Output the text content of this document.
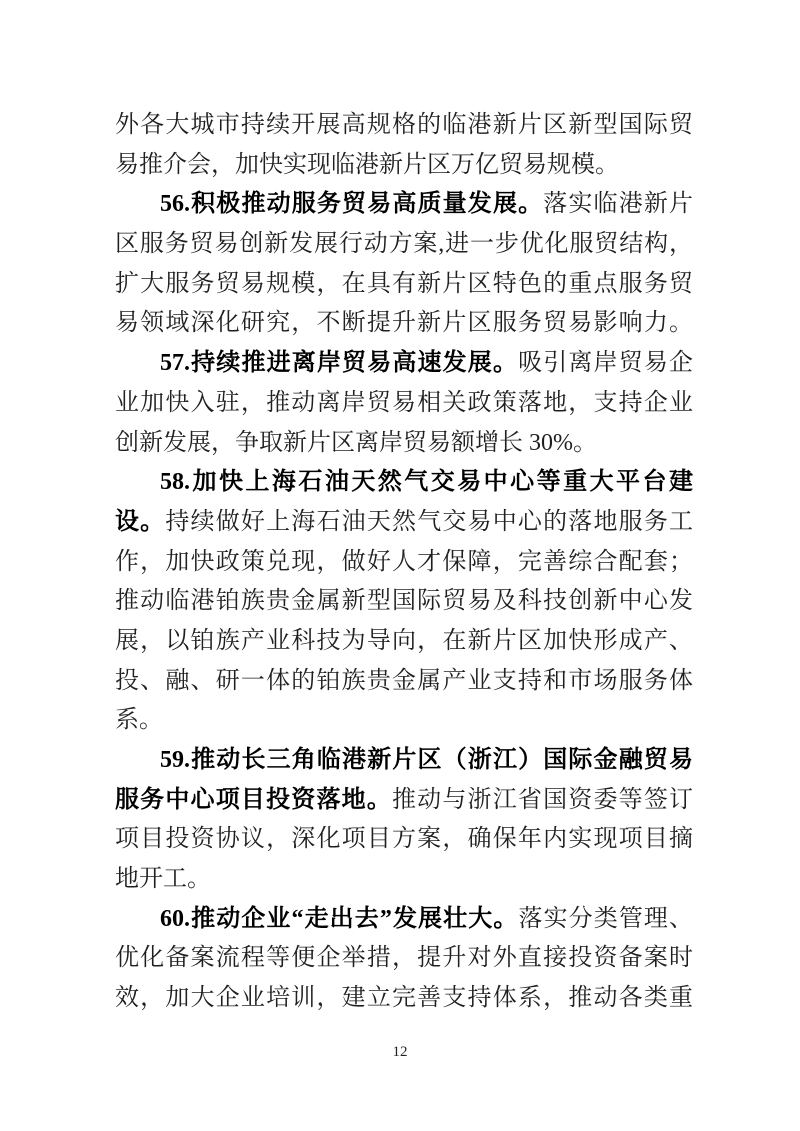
外各大城市持续开展高规格的临港新片区新型国际贸
易推介会，加快实现临港新片区万亿贸易规模。
56.积极推动服务贸易高质量发展。落实临港新片
区服务贸易创新发展行动方案,进一步优化服贸结构，
扩大服务贸易规模，在具有新片区特色的重点服务贸
易领域深化研究，不断提升新片区服务贸易影响力。
57.持续推进离岸贸易高速发展。吸引离岸贸易企
业加快入驻，推动离岸贸易相关政策落地，支持企业
创新发展，争取新片区离岸贸易额增长 30%。
58.加快上海石油天然气交易中心等重大平台建
设。持续做好上海石油天然气交易中心的落地服务工
作，加快政策兑现，做好人才保障，完善综合配套；
推动临港铂族贵金属新型国际贸易及科技创新中心发
展，以铂族产业科技为导向，在新片区加快形成产、
投、融、研一体的铂族贵金属产业支持和市场服务体
系。
59.推动长三角临港新片区（浙江）国际金融贸易
服务中心项目投资落地。推动与浙江省国资委等签订
项目投资协议，深化项目方案，确保年内实现项目摘
地开工。
60.推动企业“走出去”发展壮大。落实分类管理、
优化备案流程等便企举措，提升对外直接投资备案时
效，加大企业培训，建立完善支持体系，推动各类重
12
